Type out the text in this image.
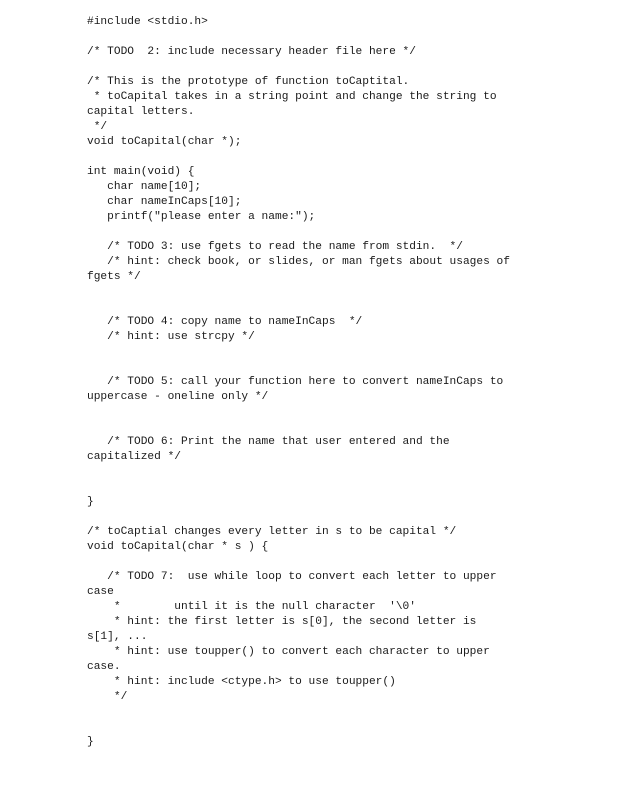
#include <stdio.h>
/* TODO  2: include necessary header file here */
/* This is the prototype of function toCaptital.
* toCapital takes in a string point and change the string to
capital letters.
*/
void toCapital(char *);
int main(void) {
char name[10];
char nameInCaps[10];
printf("please enter a name:");
/* TODO 3: use fgets to read the name from stdin.  */
/* hint: check book, or slides, or man fgets about usages of
fgets */
/* TODO 4: copy name to nameInCaps  */
/* hint: use strcpy */
/* TODO 5: call your function here to convert nameInCaps to
uppercase - oneline only */
/* TODO 6: Print the name that user entered and the
capitalized */
}
/* toCaptial changes every letter in s to be capital */
void toCapital(char * s ) {
/* TODO 7:  use while loop to convert each letter to upper
case
*        until it is the null character  '\0'
* hint: the first letter is s[0], the second letter is
s[1], ...
* hint: use toupper() to convert each character to upper
case.
* hint: include <ctype.h> to use toupper()
*/
}
